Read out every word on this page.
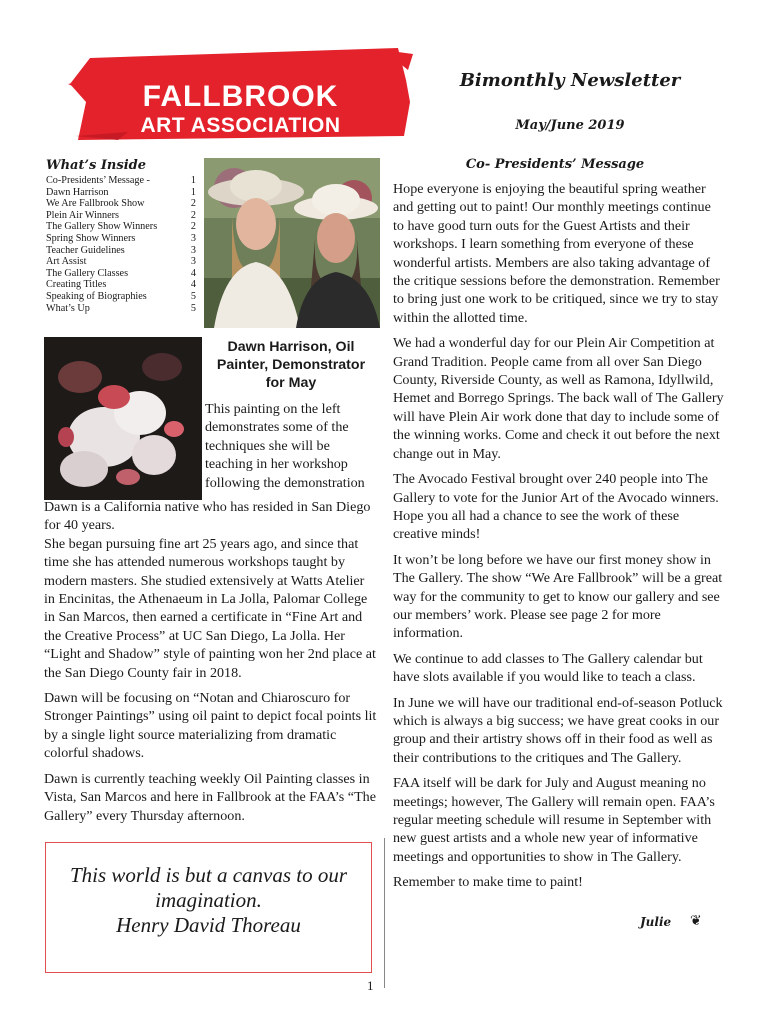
FALLBROOK
ART ASSOCIATION
Bimonthly Newsletter
May/June 2019
What’s Inside
Co-Presidents’ Message -	1
Dawn Harrison	1
We Are Fallbrook Show	2
Plein Air Winners	2
The Gallery Show Winners	2
Spring Show Winners	3
Teacher Guidelines	3
Art Assist	3
The Gallery Classes	4
Creating Titles	4
Speaking of Biographies	5
What’s Up	5
Co- Presidents’ Message

Hope everyone is enjoying the beautiful spring weather and getting out to paint! Our monthly meetings continue to have good turn outs for the Guest Artists and their workshops. I learn something from everyone of these wonderful artists. Members are also taking advantage of the critique sessions before the demonstration. Remember to bring just one work to be critiqued, since we try to stay within the allotted time.

We had a wonderful day for our Plein Air Competition at Grand Tradition. People came from all over San Diego County, Riverside County, as well as Ramona, Idyllwild, Hemet and Borrego Springs. The back wall of The Gallery will have Plein Air work done that day to include some of the winning works. Come and check it out before the next change out in May.

The Avocado Festival brought over 240 people into The Gallery to vote for the Junior Art of the Avocado winners. Hope you all had a chance to see the work of these creative minds!

It won’t be long before we have our first money show in The Gallery. The show “We Are Fallbrook” will be a great way for the community to get to know our gallery and see our members’ work. Please see page 2 for more information.

We continue to add classes to The Gallery calendar but have slots available if you would like to teach a class.

In June we will have our traditional end-of-season Potluck which is always a big success; we have great cooks in our group and their artistry shows off in their food as well as their contributions to the critiques and The Gallery.

FAA itself will be dark for July and August meaning no meetings; however, The Gallery will remain open. FAA’s regular meeting schedule will resume in September with new guest artists and a whole new year of informative meetings and opportunities to show in The Gallery.

Remember to make time to paint!

Julie ❦
Dawn Harrison, Oil Painter, Demonstrator for May
This painting on the left demonstrates some of the techniques she will be teaching in her workshop following the demonstration

Dawn is a California native who has resided in San Diego for 40 years.

She began pursuing fine art 25 years ago, and since that time she has attended numerous workshops taught by modern masters. She studied extensively at Watts Atelier in Encinitas, the Athenaeum in La Jolla, Palomar College in San Marcos, then earned a certificate in “Fine Art and the Creative Process” at UC San Diego, La Jolla. Her “Light and Shadow” style of painting won her 2nd place at the San Diego County fair in 2018.

Dawn will be focusing on “Notan and Chiaroscuro for Stronger Paintings” using oil paint to depict focal points lit by a single light source materializing from dramatic colorful shadows.

Dawn is currently teaching weekly Oil Painting classes in Vista, San Marcos and here in Fallbrook at the FAA’s “The Gallery” every Thursday afternoon.

This world is but a canvas to our imagination.
Henry David Thoreau
1
